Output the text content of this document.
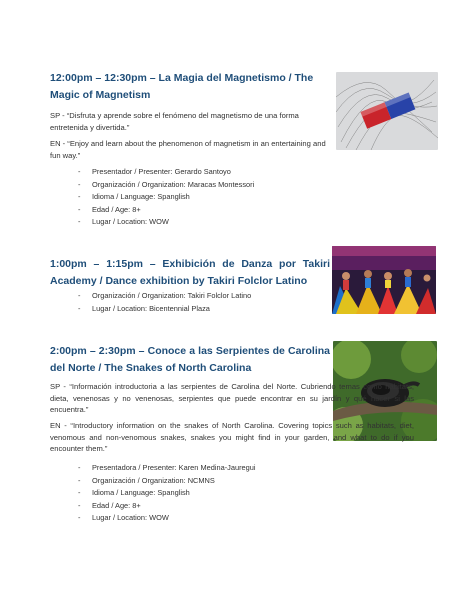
12:00pm – 12:30pm – La Magia del Magnetismo / The Magic of Magnetism
SP - “Disfruta y aprende sobre el fenómeno del magnetismo de una forma entretenida y divertida.”
EN - “Enjoy and learn about the phenomenon of magnetism in an entertaining and fun way.”
- Presentador / Presenter: Gerardo Santoyo
- Organización / Organization: Maracas Montessori
- Idioma / Language: Spanglish
- Edad / Age: 8+
- Lugar / Location: WOW
1:00pm – 1:15pm – Exhibición de Danza por Takiri Academy / Dance exhibition by Takiri Folclor Latino
- Organización / Organization: Takiri Folclor Latino
- Lugar / Location: Bicentennial Plaza
2:00pm – 2:30pm – Conoce a las Serpientes de Carolina del Norte / The Snakes of North Carolina
SP - “Información introductoria a las serpientes de Carolina del Norte. Cubriendo temas como hábitats, dieta, venenosas y no venenosas, serpientes que puede encontrar en su jardín y qué hacer si las encuentra.”
EN - “Introductory information on the snakes of North Carolina. Covering topics such as habitats, diet, venomous and non-venomous snakes, snakes you might find in your garden, and what to do if you encounter them.”
- Presentadora / Presenter: Karen Medina-Jauregui
- Organización / Organization: NCMNS
- Idioma / Language: Spanglish
- Edad / Age: 8+
- Lugar / Location: WOW
